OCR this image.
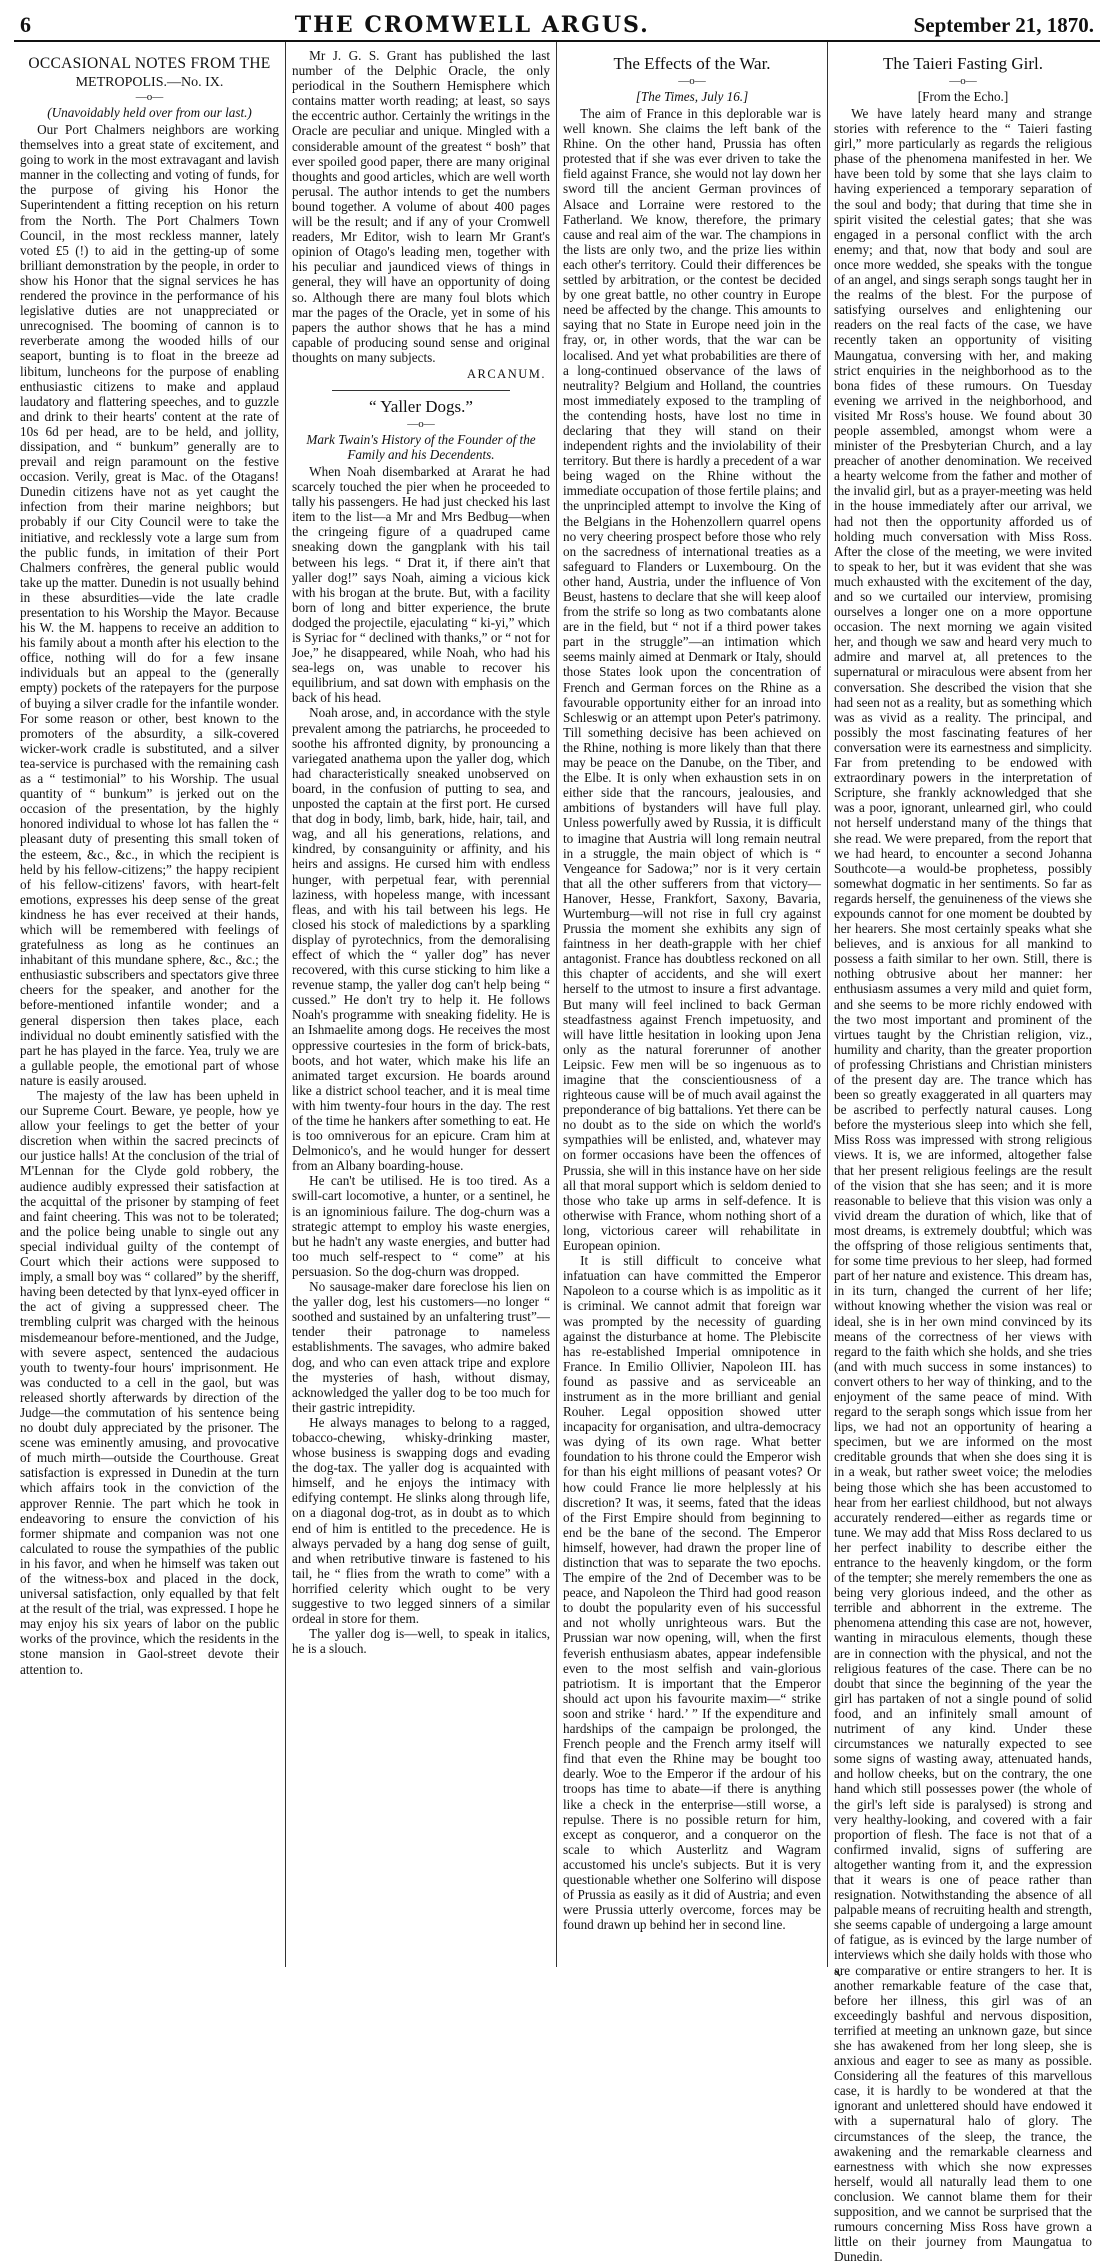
6	THE CROMWELL ARGUS.	September 21, 1870.
OCCASIONAL NOTES FROM THE
METROPOLIS.—No. IX.
—o—
(Unavoidably held over from our last.)

Our Port Chalmers neighbors are working themselves into a great state of excitement, and going to work in the most extravagant and lavish manner in the collecting and voting of funds, for the purpose of giving his Honor the Superintendent a fitting reception on his return from the North. The Port Chalmers Town Council, in the most reckless manner, lately voted £5 (!) to aid in the getting-up of some brilliant demonstration by the people, in order to show his Honor that the signal services he has rendered the province in the performance of his legislative duties are not unappreciated or unrecognised. The booming of cannon is to reverberate among the wooded hills of our seaport, bunting is to float in the breeze ad libitum, luncheons for the purpose of enabling enthusiastic citizens to make and applaud laudatory and flattering speeches, and to guzzle and drink to their hearts' content at the rate of 10s 6d per head, are to be held, and jollity, dissipation, and “ bunkum” generally are to prevail and reign paramount on the festive occasion. Verily, great is Mac. of the Otagans! Dunedin citizens have not as yet caught the infection from their marine neighbors; but probably if our City Council were to take the initiative, and recklessly vote a large sum from the public funds, in imitation of their Port Chalmers confrères, the general public would take up the matter. Dunedin is not usually behind in these absurdities—vide the late cradle presentation to his Worship the Mayor. Because his W. the M. happens to receive an addition to his family about a month after his election to the office, nothing will do for a few insane individuals but an appeal to the (generally empty) pockets of the ratepayers for the purpose of buying a silver cradle for the infantile wonder. For some reason or other, best known to the promoters of the absurdity, a silk-covered wicker-work cradle is substituted, and a silver tea-service is purchased with the remaining cash as a “ testimonial” to his Worship. The usual quantity of “ bunkum” is jerked out on the occasion of the presentation, by the highly honored individual to whose lot has fallen the “ pleasant duty of presenting this small token of the esteem, &c., &c., in which the recipient is held by his fellow-citizens;” the happy recipient of his fellow-citizens' favors, with heart-felt emotions, expresses his deep sense of the great kindness he has ever received at their hands, which will be remembered with feelings of gratefulness as long as he continues an inhabitant of this mundane sphere, &c., &c.; the enthusiastic subscribers and spectators give three cheers for the speaker, and another for the before-mentioned infantile wonder; and a general dispersion then takes place, each individual no doubt eminently satisfied with the part he has played in the farce. Yea, truly we are a gullable people, the emotional part of whose nature is easily aroused.

The majesty of the law has been upheld in our Supreme Court. Beware, ye people, how ye allow your feelings to get the better of your discretion when within the sacred precincts of our justice halls! At the conclusion of the trial of M'Lennan for the Clyde gold robbery, the audience audibly expressed their satisfaction at the acquittal of the prisoner by stamping of feet and faint cheering. This was not to be tolerated; and the police being unable to single out any special individual guilty of the contempt of Court which their actions were supposed to imply, a small boy was “ collared” by the sheriff, having been detected by that lynx-eyed officer in the act of giving a suppressed cheer. The trembling culprit was charged with the heinous misdemeanour before-mentioned, and the Judge, with severe aspect, sentenced the audacious youth to twenty-four hours' imprisonment. He was conducted to a cell in the gaol, but was released shortly afterwards by direction of the Judge—the commutation of his sentence being no doubt duly appreciated by the prisoner. The scene was eminently amusing, and provocative of much mirth—outside the Courthouse. Great satisfaction is expressed in Dunedin at the turn which affairs took in the conviction of the approver Rennie. The part which he took in endeavoring to ensure the conviction of his former shipmate and companion was not one calculated to rouse the sympathies of the public in his favor, and when he himself was taken out of the witness-box and placed in the dock, universal satisfaction, only equalled by that felt at the result of the trial, was expressed. I hope he may enjoy his six years of labor on the public works of the province, which the residents in the stone mansion in Gaol-street devote their attention to.

Mr J. G. S. Grant has published the last number of the Delphic Oracle, the only periodical in the Southern Hemisphere which contains matter worth reading; at least, so says the eccentric author. Certainly the writings in the Oracle are peculiar and unique. Mingled with a considerable amount of the greatest “ bosh” that ever spoiled good paper, there are many original thoughts and good articles, which are well worth perusal. The author intends to get the numbers bound together. A volume of about 400 pages will be the result; and if any of your Cromwell readers, Mr Editor, wish to learn Mr Grant's opinion of Otago's leading men, together with his peculiar and jaundiced views of things in general, they will have an opportunity of doing so. Although there are many foul blots which mar the pages of the Oracle, yet in some of his papers the author shows that he has a mind capable of producing sound sense and original thoughts on many subjects.

ARCANUM.
“ Yaller Dogs.”
—o—
Mark Twain's History of the Founder of the Family and his Decendents.

When Noah disembarked at Ararat he had scarcely touched the pier when he proceeded to tally his passengers. He had just checked his last item to the list—a Mr and Mrs Bedbug—when the cringeing figure of a quadruped came sneaking down the gangplank with his tail between his legs. “ Drat it, if there ain't that yaller dog!” says Noah, aiming a vicious kick with his brogan at the brute. But, with a facility born of long and bitter experience, the brute dodged the projectile, ejaculating “ ki-yi,” which is Syriac for “ declined with thanks,” or “ not for Joe,” he disappeared, while Noah, who had his sea-legs on, was unable to recover his equilibrium, and sat down with emphasis on the back of his head.

Noah arose, and, in accordance with the style prevalent among the patriarchs, he proceeded to soothe his affronted dignity, by pronouncing a variegated anathema upon the yaller dog, which had characteristically sneaked unobserved on board, in the confusion of putting to sea, and unposted the captain at the first port. He cursed that dog in body, limb, bark, hide, hair, tail, and wag, and all his generations, relations, and kindred, by consanguinity or affinity, and his heirs and assigns. He cursed him with endless hunger, with perpetual fear, with perennial laziness, with hopeless mange, with incessant fleas, and with his tail between his legs. He closed his stock of maledictions by a sparkling display of pyrotechnics, from the demoralising effect of which the “ yaller dog” has never recovered, with this curse sticking to him like a revenue stamp, the yaller dog can't help being “ cussed.” He don't try to help it. He follows Noah's programme with sneaking fidelity. He is an Ishmaelite among dogs. He receives the most oppressive courtesies in the form of brick-bats, boots, and hot water, which make his life an animated target excursion. He boards around like a district school teacher, and it is meal time with him twenty-four hours in the day. The rest of the time he hankers after something to eat. He is too omniverous for an epicure. Cram him at Delmonico's, and he would hunger for dessert from an Albany boarding-house.

He can't be utilised. He is too tired. As a swill-cart locomotive, a hunter, or a sentinel, he is an ignominious failure. The dog-churn was a strategic attempt to employ his waste energies, but he hadn't any waste energies, and butter had too much self-respect to “ come” at his persuasion. So the dog-churn was dropped.

No sausage-maker dare foreclose his lien on the yaller dog, lest his customers—no longer “ soothed and sustained by an unfaltering trust”—tender their patronage to nameless establishments. The savages, who admire baked dog, and who can even attack tripe and explore the mysteries of hash, without dismay, acknowledged the yaller dog to be too much for their gastric intrepidity.

He always manages to belong to a ragged, tobacco-chewing, whisky-drinking master, whose business is swapping dogs and evading the dog-tax. The yaller dog is acquainted with himself, and he enjoys the intimacy with edifying contempt. He slinks along through life, on a diagonal dog-trot, as in doubt as to which end of him is entitled to the precedence. He is always pervaded by a hang dog sense of guilt, and when retributive tinware is fastened to his tail, he “ flies from the wrath to come” with a horrified celerity which ought to be very suggestive to two legged sinners of a similar ordeal in store for them.

The yaller dog is—well, to speak in italics, he is a slouch.

The Effects of the War.
—o—
[The Times, July 16.]

The aim of France in this deplorable war is well known. She claims the left bank of the Rhine. On the other hand, Prussia has often protested that if she was ever driven to take the field against France, she would not lay down her sword till the ancient German provinces of Alsace and Lorraine were restored to the Fatherland. We know, therefore, the primary cause and real aim of the war. The champions in the lists are only two, and the prize lies within each other's territory. Could their differences be settled by arbitration, or the contest be decided by one great battle, no other country in Europe need be affected by the change. This amounts to saying that no State in Europe need join in the fray, or, in other words, that the war can be localised. And yet what probabilities are there of a long-continued observance of the laws of neutrality? Belgium and Holland, the countries most immediately exposed to the trampling of the contending hosts, have lost no time in declaring that they will stand on their independent rights and the inviolability of their territory. But there is hardly a precedent of a war being waged on the Rhine without the immediate occupation of those fertile plains; and the unprincipled attempt to involve the King of the Belgians in the Hohenzollern quarrel opens no very cheering prospect before those who rely on the sacredness of international treaties as a safeguard to Flanders or Luxembourg. On the other hand, Austria, under the influence of Von Beust, hastens to declare that she will keep aloof from the strife so long as two combatants alone are in the field, but “ not if a third power takes part in the struggle”—an intimation which seems mainly aimed at Denmark or Italy, should those States look upon the concentration of French and German forces on the Rhine as a favourable opportunity either for an inroad into Schleswig or an attempt upon Peter's patrimony. Till something decisive has been achieved on the Rhine, nothing is more likely than that there may be peace on the Danube, on the Tiber, and the Elbe. It is only when exhaustion sets in on either side that the rancours, jealousies, and ambitions of bystanders will have full play. Unless powerfully awed by Russia, it is difficult to imagine that Austria will long remain neutral in a struggle, the main object of which is “ Vengeance for Sadowa;” nor is it very certain that all the other sufferers from that victory—Hanover, Hesse, Frankfort, Saxony, Bavaria, Wurtemburg—will not rise in full cry against Prussia the moment she exhibits any sign of faintness in her death-grapple with her chief antagonist. France has doubtless reckoned on all this chapter of accidents, and she will exert herself to the utmost to insure a first advantage. But many will feel inclined to back German steadfastness against French impetuosity, and will have little hesitation in looking upon Jena only as the natural forerunner of another Leipsic. Few men will be so ingenuous as to imagine that the conscientiousness of a righteous cause will be of much avail against the preponderance of big battalions. Yet there can be no doubt as to the side on which the world's sympathies will be enlisted, and, whatever may on former occasions have been the offences of Prussia, she will in this instance have on her side all that moral support which is seldom denied to those who take up arms in self-defence. It is otherwise with France, whom nothing short of a long, victorious career will rehabilitate in European opinion.

It is still difficult to conceive what infatuation can have committed the Emperor Napoleon to a course which is as impolitic as it is criminal. We cannot admit that foreign war was prompted by the necessity of guarding against the disturbance at home. The Plebiscite has re-established Imperial omnipotence in France. In Emilio Ollivier, Napoleon III. has found as passive and as serviceable an instrument as in the more brilliant and genial Rouher. Legal opposition showed utter incapacity for organisation, and ultra-democracy was dying of its own rage. What better foundation to his throne could the Emperor wish for than his eight millions of peasant votes? Or how could France lie more helplessly at his discretion? It was, it seems, fated that the ideas of the First Empire should from beginning to end be the bane of the second. The Emperor himself, however, had drawn the proper line of distinction that was to separate the two epochs. The empire of the 2nd of December was to be peace, and Napoleon the Third had good reason to doubt the popularity even of his successful and not wholly unrighteous wars. But the Prussian war now opening, will, when the first feverish enthusiasm abates, appear indefensible even to the most selfish and vain-glorious patriotism. It is important that the Emperor should act upon his favourite maxim—“ strike soon and strike ‘ hard.’ ” If the expenditure and hardships of the campaign be prolonged, the French people and the French army itself will find that even the Rhine may be bought too dearly. Woe to the Emperor if the ardour of his troops has time to abate—if there is anything like a check in the enterprise—still worse, a repulse. There is no possible return for him, except as conqueror, and a conqueror on the scale to which Austerlitz and Wagram accustomed his uncle's subjects. But it is very questionable whether one Solferino will dispose of Prussia as easily as it did of Austria; and even were Prussia utterly overcome, forces may be found drawn up behind her in second line.

The Taieri Fasting Girl.
—o—
[From the Echo.]

We have lately heard many and strange stories with reference to the “ Taieri fasting girl,” more particularly as regards the religious phase of the phenomena manifested in her. We have been told by some that she lays claim to having experienced a temporary separation of the soul and body; that during that time she in spirit visited the celestial gates; that she was engaged in a personal conflict with the arch enemy; and that, now that body and soul are once more wedded, she speaks with the tongue of an angel, and sings seraph songs taught her in the realms of the blest. For the purpose of satisfying ourselves and enlightening our readers on the real facts of the case, we have recently taken an opportunity of visiting Maungatua, conversing with her, and making strict enquiries in the neighborhood as to the bona fides of these rumours. On Tuesday evening we arrived in the neighborhood, and visited Mr Ross's house. We found about 30 people assembled, amongst whom were a minister of the Presbyterian Church, and a lay preacher of another denomination. We received a hearty welcome from the father and mother of the invalid girl, but as a prayer-meeting was held in the house immediately after our arrival, we had not then the opportunity afforded us of holding much conversation with Miss Ross. After the close of the meeting, we were invited to speak to her, but it was evident that she was much exhausted with the excitement of the day, and so we curtailed our interview, promising ourselves a longer one on a more opportune occasion. The next morning we again visited her, and though we saw and heard very much to admire and marvel at, all pretences to the supernatural or miraculous were absent from her conversation. She described the vision that she had seen not as a reality, but as something which was as vivid as a reality. The principal, and possibly the most fascinating features of her conversation were its earnestness and simplicity. Far from pretending to be endowed with extraordinary powers in the interpretation of Scripture, she frankly acknowledged that she was a poor, ignorant, unlearned girl, who could not herself understand many of the things that she read. We were prepared, from the report that we had heard, to encounter a second Johanna Southcote—a would-be prophetess, possibly somewhat dogmatic in her sentiments. So far as regards herself, the genuineness of the views she expounds cannot for one moment be doubted by her hearers. She most certainly speaks what she believes, and is anxious for all mankind to possess a faith similar to her own. Still, there is nothing obtrusive about her manner: her enthusiasm assumes a very mild and quiet form, and she seems to be more richly endowed with the two most important and prominent of the virtues taught by the Christian religion, viz., humility and charity, than the greater proportion of professing Christians and Christian ministers of the present day are. The trance which has been so greatly exaggerated in all quarters may be ascribed to perfectly natural causes. Long before the mysterious sleep into which she fell, Miss Ross was impressed with strong religious views. It is, we are informed, altogether false that her present religious feelings are the result of the vision that she has seen; and it is more reasonable to believe that this vision was only a vivid dream the duration of which, like that of most dreams, is extremely doubtful; which was the offspring of those religious sentiments that, for some time previous to her sleep, had formed part of her nature and existence. This dream has, in its turn, changed the current of her life; without knowing whether the vision was real or ideal, she is in her own mind convinced by its means of the correctness of her views with regard to the faith which she holds, and she tries (and with much success in some instances) to convert others to her way of thinking, and to the enjoyment of the same peace of mind. With regard to the seraph songs which issue from her lips, we had not an opportunity of hearing a specimen, but we are informed on the most creditable grounds that when she does sing it is in a weak, but rather sweet voice; the melodies being those which she has been accustomed to hear from her earliest childhood, but not always accurately rendered—either as regards time or tune. We may add that Miss Ross declared to us her perfect inability to describe either the entrance to the heavenly kingdom, or the form of the tempter; she merely remembers the one as being very glorious indeed, and the other as terrible and abhorrent in the extreme. The phenomena attending this case are not, however, wanting in miraculous elements, though these are in connection with the physical, and not the religious features of the case. There can be no doubt that since the beginning of the year the girl has partaken of not a single pound of solid food, and an infinitely small amount of nutriment of any kind. Under these circumstances we naturally expected to see some signs of wasting away, attenuated hands, and hollow cheeks, but on the contrary, the one hand which still possesses power (the whole of the girl's left side is paralysed) is strong and very healthy-looking, and covered with a fair proportion of flesh. The face is not that of a confirmed invalid, signs of suffering are altogether wanting from it, and the expression that it wears is one of peace rather than resignation. Notwithstanding the absence of all palpable means of recruiting health and strength, she seems capable of undergoing a large amount of fatigue, as is evinced by the large number of interviews which she daily holds with those who are comparative or entire strangers to her. It is another remarkable feature of the case that, before her illness, this girl was of an exceedingly bashful and nervous disposition, terrified at meeting an unknown gaze, but since she has awakened from her long sleep, she is anxious and eager to see as many as possible. Considering all the features of this marvellous case, it is hardly to be wondered at that the ignorant and unlettered should have endowed it with a supernatural halo of glory. The circumstances of the sleep, the trance, the awakening and the remarkable clearness and earnestness with which she now expresses herself, would all naturally lead them to one conclusion. We cannot blame them for their supposition, and we cannot be surprised that the rumours concerning Miss Ross have grown a little on their journey from Maungatua to Dunedin.
